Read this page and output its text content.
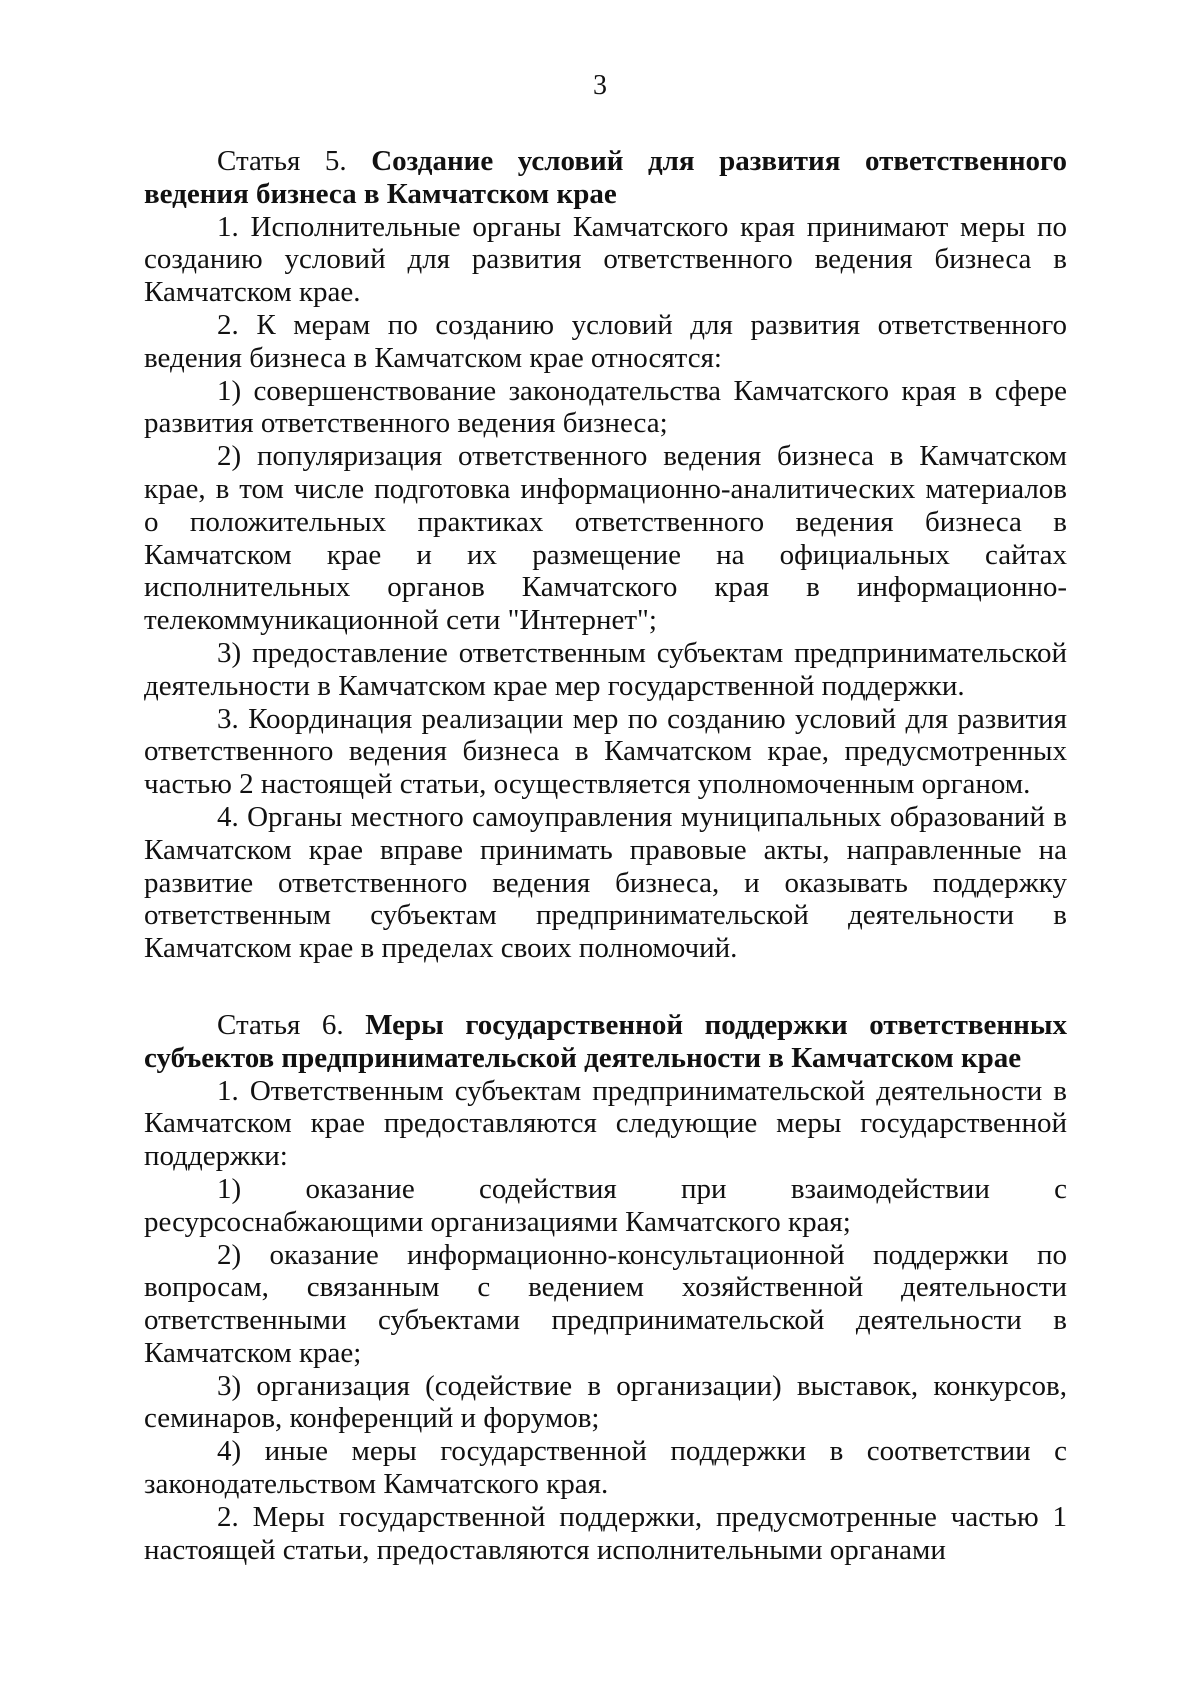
3

Статья 5. Создание условий для развития ответственного ведения бизнеса в Камчатском крае

1. Исполнительные органы Камчатского края принимают меры по созданию условий для развития ответственного ведения бизнеса в Камчатском крае.

2. К мерам по созданию условий для развития ответственного ведения бизнеса в Камчатском крае относятся:

1) совершенствование законодательства Камчатского края в сфере развития ответственного ведения бизнеса;

2) популяризация ответственного ведения бизнеса в Камчатском крае, в том числе подготовка информационно-аналитических материалов о положительных практиках ответственного ведения бизнеса в Камчатском крае и их размещение на официальных сайтах исполнительных органов Камчатского края в информационно-телекоммуникационной сети "Интернет";

3) предоставление ответственным субъектам предпринимательской деятельности в Камчатском крае мер государственной поддержки.

3. Координация реализации мер по созданию условий для развития ответственного ведения бизнеса в Камчатском крае, предусмотренных частью 2 настоящей статьи, осуществляется уполномоченным органом.

4. Органы местного самоуправления муниципальных образований в Камчатском крае вправе принимать правовые акты, направленные на развитие ответственного ведения бизнеса, и оказывать поддержку ответственным субъектам предпринимательской деятельности в Камчатском крае в пределах своих полномочий.

Статья 6. Меры государственной поддержки ответственных субъектов предпринимательской деятельности в Камчатском крае

1. Ответственным субъектам предпринимательской деятельности в Камчатском крае предоставляются следующие меры государственной поддержки:

1) оказание содействия при взаимодействии с ресурсоснабжающими организациями Камчатского края;

2) оказание информационно-консультационной поддержки по вопросам, связанным с ведением хозяйственной деятельности ответственными субъектами предпринимательской деятельности в Камчатском крае;

3) организация (содействие в организации) выставок, конкурсов, семинаров, конференций и форумов;

4) иные меры государственной поддержки в соответствии с законодательством Камчатского края.

2. Меры государственной поддержки, предусмотренные частью 1 настоящей статьи, предоставляются исполнительными органами
